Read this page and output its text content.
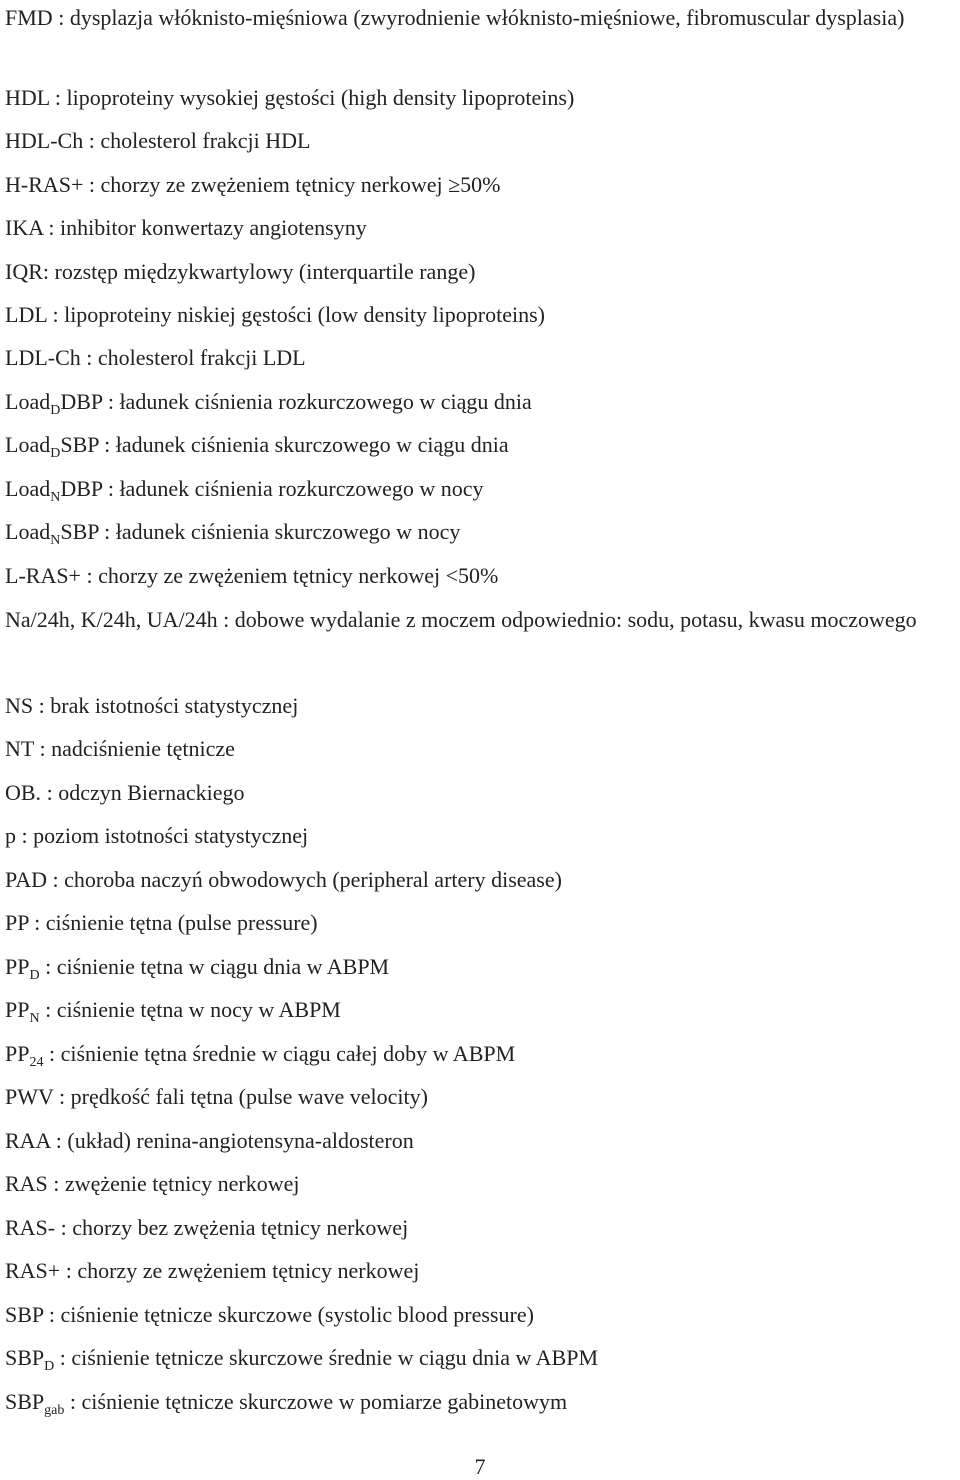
FMD : dysplazja włóknisto-mięśniowa (zwyrodnienie włóknisto-mięśniowe, fibromuscular dysplasia)
HDL : lipoproteiny wysokiej gęstości (high density lipoproteins)
HDL-Ch : cholesterol frakcji HDL
H-RAS+ : chorzy ze zwężeniem tętnicy nerkowej ≥50%
IKA : inhibitor konwertazy angiotensyny
IQR: rozstęp międzykwartylowy (interquartile range)
LDL : lipoproteiny niskiej gęstości (low density lipoproteins)
LDL-Ch : cholesterol frakcji LDL
Load$_D$DBP : ładunek ciśnienia rozkurczowego w ciągu dnia
Load$_D$SBP : ładunek ciśnienia skurczowego w ciągu dnia
Load$_N$DBP : ładunek ciśnienia rozkurczowego w nocy
Load$_N$SBP : ładunek ciśnienia skurczowego w nocy
L-RAS+ : chorzy ze zwężeniem tętnicy nerkowej <50%
Na/24h, K/24h, UA/24h : dobowe wydalanie z moczem odpowiednio: sodu, potasu, kwasu moczowego
NS : brak istotności statystycznej
NT : nadciśnienie tętnicze
OB. : odczyn Biernackiego
p : poziom istotności statystycznej
PAD : choroba naczyń obwodowych (peripheral artery disease)
PP : ciśnienie tętna (pulse pressure)
$PP_D$ : ciśnienie tętna w ciągu dnia w ABPM
$PP_N$ : ciśnienie tętna w nocy w ABPM
$PP_{24}$ : ciśnienie tętna średnie w ciągu całej doby w ABPM
PWV : prędkość fali tętna (pulse wave velocity)
RAA : (układ) renina-angiotensyna-aldosteron
RAS : zwężenie tętnicy nerkowej
RAS- : chorzy bez zwężenia tętnicy nerkowej
RAS+ : chorzy ze zwężeniem tętnicy nerkowej
SBP : ciśnienie tętnicze skurczowe (systolic blood pressure)
$SBP_D$ : ciśnienie tętnicze skurczowe średnie w ciągu dnia w ABPM
$SBP_{gab}$ : ciśnienie tętnicze skurczowe w pomiarze gabinetowym
7
